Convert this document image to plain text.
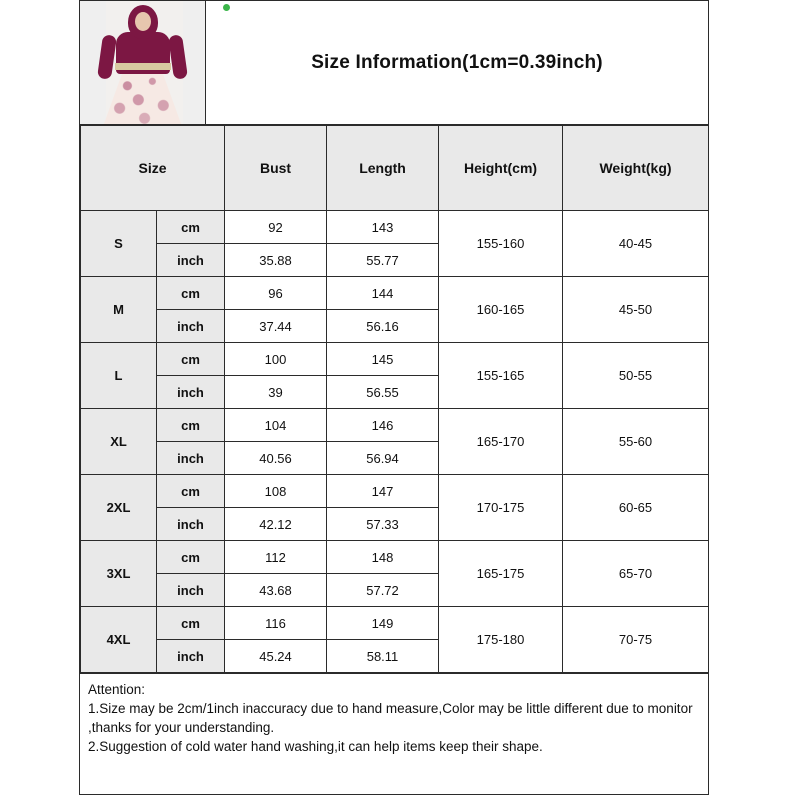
Size Information(1cm=0.39inch)
Size		Bust	Length	Height(cm)	Weight(kg)
S	cm	92	143	155-160	40-45
	inch	35.88	55.77		
M	cm	96	144	160-165	45-50
	inch	37.44	56.16		
L	cm	100	145	155-165	50-55
	inch	39	56.55		
XL	cm	104	146	165-170	55-60
	inch	40.56	56.94		
2XL	cm	108	147	170-175	60-65
	inch	42.12	57.33		
3XL	cm	112	148	165-175	65-70
	inch	43.68	57.72		
4XL	cm	116	149	175-180	70-75
	inch	45.24	58.11		

Attention:

1.Size may be 2cm/1inch inaccuracy due to hand measure,Color may be little different due to monitor ,thanks for your understanding.

2.Suggestion of cold water hand washing,it can help items keep their shape.
